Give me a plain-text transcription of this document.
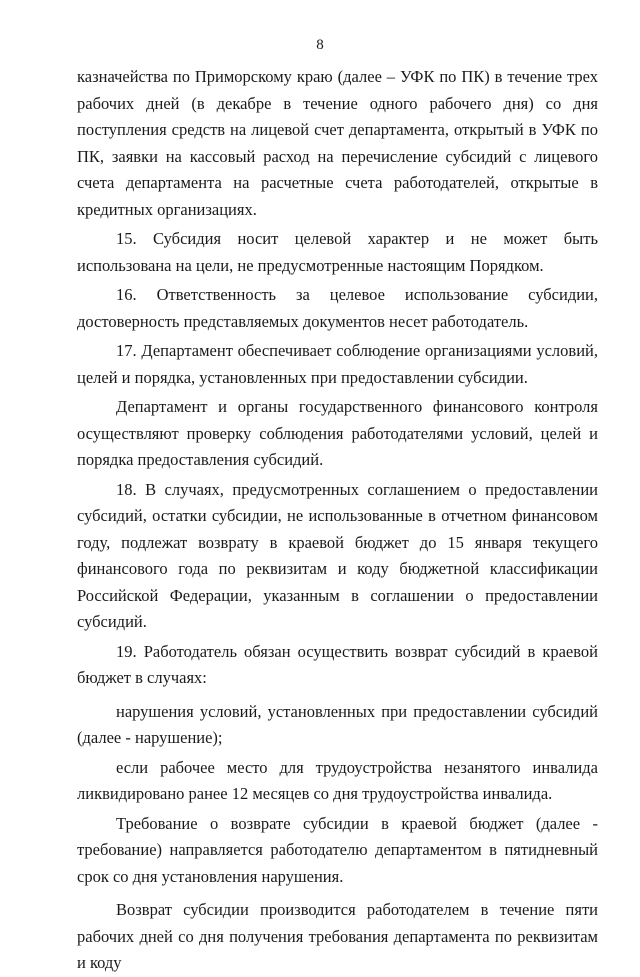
8

казначейства по Приморскому краю (далее – УФК по ПК) в течение трех рабочих дней (в декабре в течение одного рабочего дня) со дня поступления средств на лицевой счет департамента, открытый в УФК по ПК, заявки на кассовый расход на перечисление субсидий с лицевого счета департамента на расчетные счета работодателей, открытые в кредитных организациях.

15. Субсидия носит целевой характер и не может быть использована на цели, не предусмотренные настоящим Порядком.

16. Ответственность за целевое использование субсидии, достоверность представляемых документов несет работодатель.

17. Департамент обеспечивает соблюдение организациями условий, целей и порядка, установленных при предоставлении субсидии.

Департамент и органы государственного финансового контроля осуществляют проверку соблюдения работодателями условий, целей и порядка предоставления субсидий.

18. В случаях, предусмотренных соглашением о предоставлении субсидий, остатки субсидии, не использованные в отчетном финансовом году, подлежат возврату в краевой бюджет до 15 января текущего финансового года по реквизитам и коду бюджетной классификации Российской Федерации, указанным в соглашении о предоставлении субсидий.

19. Работодатель обязан осуществить возврат субсидий в краевой бюджет в случаях:

нарушения условий, установленных при предоставлении субсидий (далее - нарушение);

если рабочее место для трудоустройства незанятого инвалида ликвидировано ранее 12 месяцев со дня трудоустройства инвалида.

Требование о возврате субсидии в краевой бюджет (далее - требование) направляется работодателю департаментом в пятидневный срок со дня установления нарушения.

Возврат субсидии производится работодателем в течение пяти рабочих дней со дня получения требования департамента по реквизитам и коду
